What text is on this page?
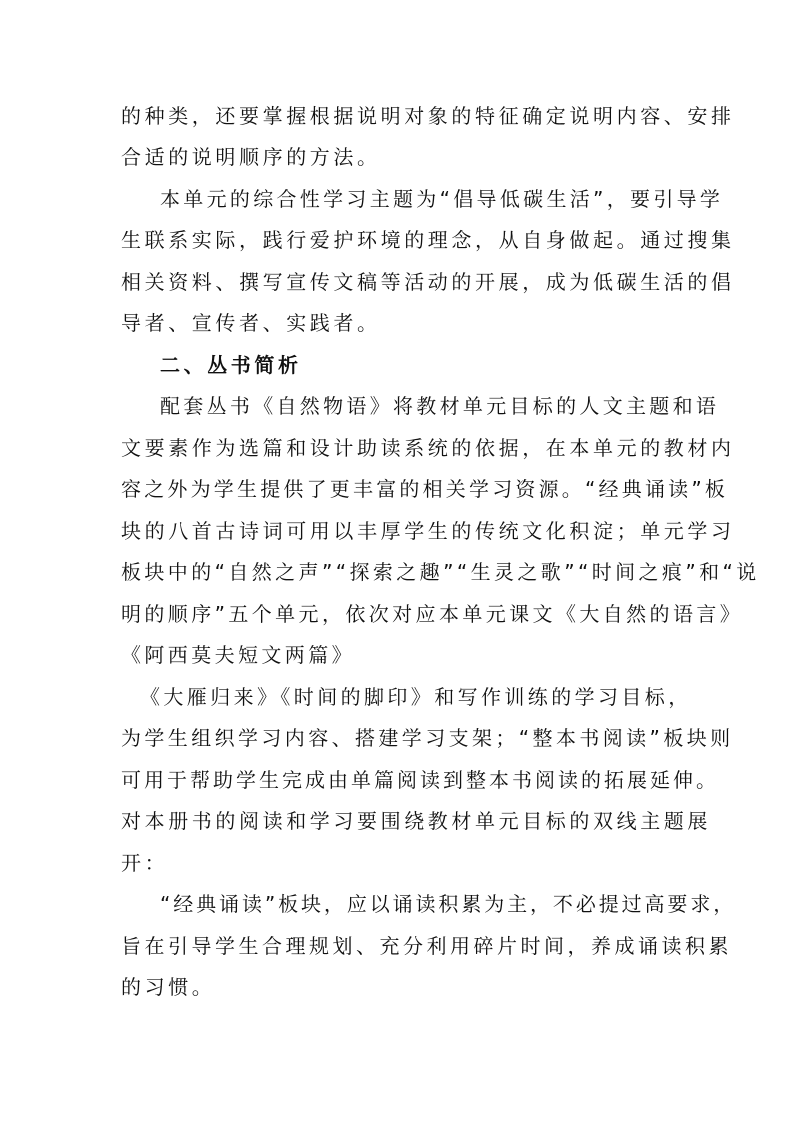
的种类，还要掌握根据说明对象的特征确定说明内容、安排
合适的说明顺序的方法。
本单元的综合性学习主题为“倡导低碳生活”，要引导学
生联系实际，践行爱护环境的理念，从自身做起。通过搜集
相关资料、撰写宣传文稿等活动的开展，成为低碳生活的倡
导者、宣传者、实践者。
二、丛书简析
配套丛书《自然物语》将教材单元目标的人文主题和语
文要素作为选篇和设计助读系统的依据，在本单元的教材内
容之外为学生提供了更丰富的相关学习资源。“经典诵读”板
块的八首古诗词可用以丰厚学生的传统文化积淀；单元学习
板块中的“自然之声”“探索之趣”“生灵之歌”“时间之痕”和“说
明的顺序”五个单元，依次对应本单元课文《大自然的语言》
《阿西莫夫短文两篇》
《大雁归来》《时间的脚印》和写作训练的学习目标，
为学生组织学习内容、搭建学习支架；“整本书阅读”板块则
可用于帮助学生完成由单篇阅读到整本书阅读的拓展延伸。
对本册书的阅读和学习要围绕教材单元目标的双线主题展
开：
“经典诵读”板块，应以诵读积累为主，不必提过高要求，
旨在引导学生合理规划、充分利用碎片时间，养成诵读积累
的习惯。
